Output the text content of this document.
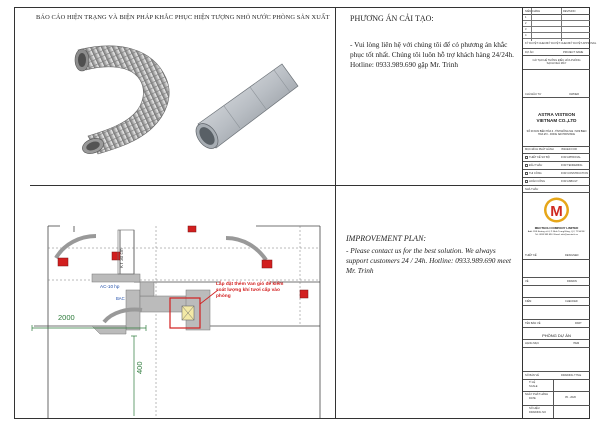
BÁO CÁO HIỆN TRẠNG VÀ BIỆN PHÁP KHẮC PHỤC HIỆN TƯỢNG NHỎ NƯỚC PHÒNG SẢN XUẤT	PHƯƠNG ÁN CẢI TẠO:
- Vui lòng liên hệ với chúng tôi để có phương án khắc phục tốt nhất. Chúng tôi luôn hỗ trợ khách hàng 24/24h. Hotline: 0933.989.690 gặp Mr. Trinh
KT 30 cm
AC-10 hp
BAC
2000
400
Lắp đặt thêm Van gió để kiểm soát lượng khí tươi cấp vào phòng
IMPROVEMENT PLAN:
- Please contact us for the best solution. We always support customers 24 / 24h. Hotline: 0933.989.690 meet Mr. Trinh
NIÊN CHỈNH	REVISION
1
2
3
4
KÝ DUYỆT CHECK KÝ DUYỆT CHECK KÝ DUYỆT APPROVAL
DỰ ÁN	PROJECT NAME
CẢI TẠO HỆ THỐNG ĐIỀU HÒA PHÒNG SẠCH NHÀ MÁY
CHỦ ĐẦU TƯ	OWNER
ASTRA VISTEON VIETNAM CO.,LTD
SỐ 09 KCN BIÊN HÒA II - TỈNH ĐỒNG NAI / NO9 BIEN HOA IZ II - DONG NAI PROVINCE
MỤC ĐÍCH PHÁT HÀNH	ISSUED FOR
THIẾT KẾ SƠ BỘ	FOR APPROVAL
ĐẤU THẦU	FOR TENDERING
THI CÔNG	FOR CONSTRUCTION
HOÀN CÔNG	FOR ASBUILT
NHÀ THẦU
M
MECTECH COMPANY LIMITED
Add: 15/8 Đường số 4, P. Bình Trưng Đông, Q.2, TP.HCM / Tel: 0933 989 690 / Email: info@mectech.vn
THIẾT KẾ	DESIGNED
VẼ	DRAWN
KIỂM	CHECKED
TÊN BẢN VẼ	PART
PHÒNG DỰ ÁN
HẠNG MỤC	ITEM
SỐ BẢN VẼ	DRAWING TITLE
TỈ LỆ
SCALE
NGÀY PHÁT HÀNH
DATE	05 - 2020
SỐ HIỆU
DRAWING NO
